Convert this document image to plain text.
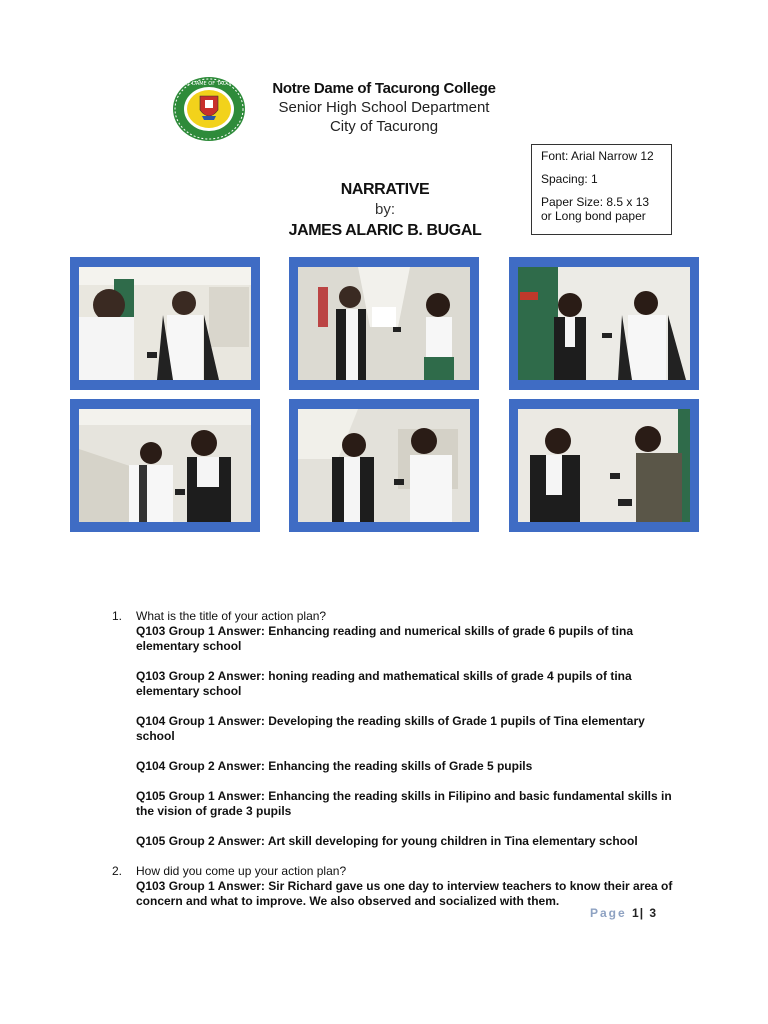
NOTRE DAME OF TACURONG	Notre Dame of Tacurong College
Senior High School Department
City of Tacurong
Font: Arial Narrow 12
Spacing: 1
Paper Size: 8.5 x 13
or Long bond paper
NARRATIVE
by:
JAMES ALARIC B. BUGAL
1.	What is the title of your action plan?
Q103 Group 1 Answer: Enhancing reading and numerical skills of grade 6 pupils of tina elementary school
Q103 Group 2 Answer: honing reading and mathematical skills of grade 4 pupils of tina elementary school
Q104 Group 1 Answer: Developing the reading skills of Grade 1 pupils of Tina elementary school
Q104 Group 2 Answer: Enhancing the reading skills of Grade 5 pupils
Q105 Group 1 Answer: Enhancing the reading skills in Filipino and basic fundamental skills in the vision of grade 3 pupils
Q105 Group 2 Answer: Art skill developing for young children in Tina elementary school
2.	How did you come up your action plan?
Q103 Group 1 Answer: Sir Richard gave us one day to interview teachers to know their area of concern and what to improve. We also observed and socialized with them.
Page 1| 3
